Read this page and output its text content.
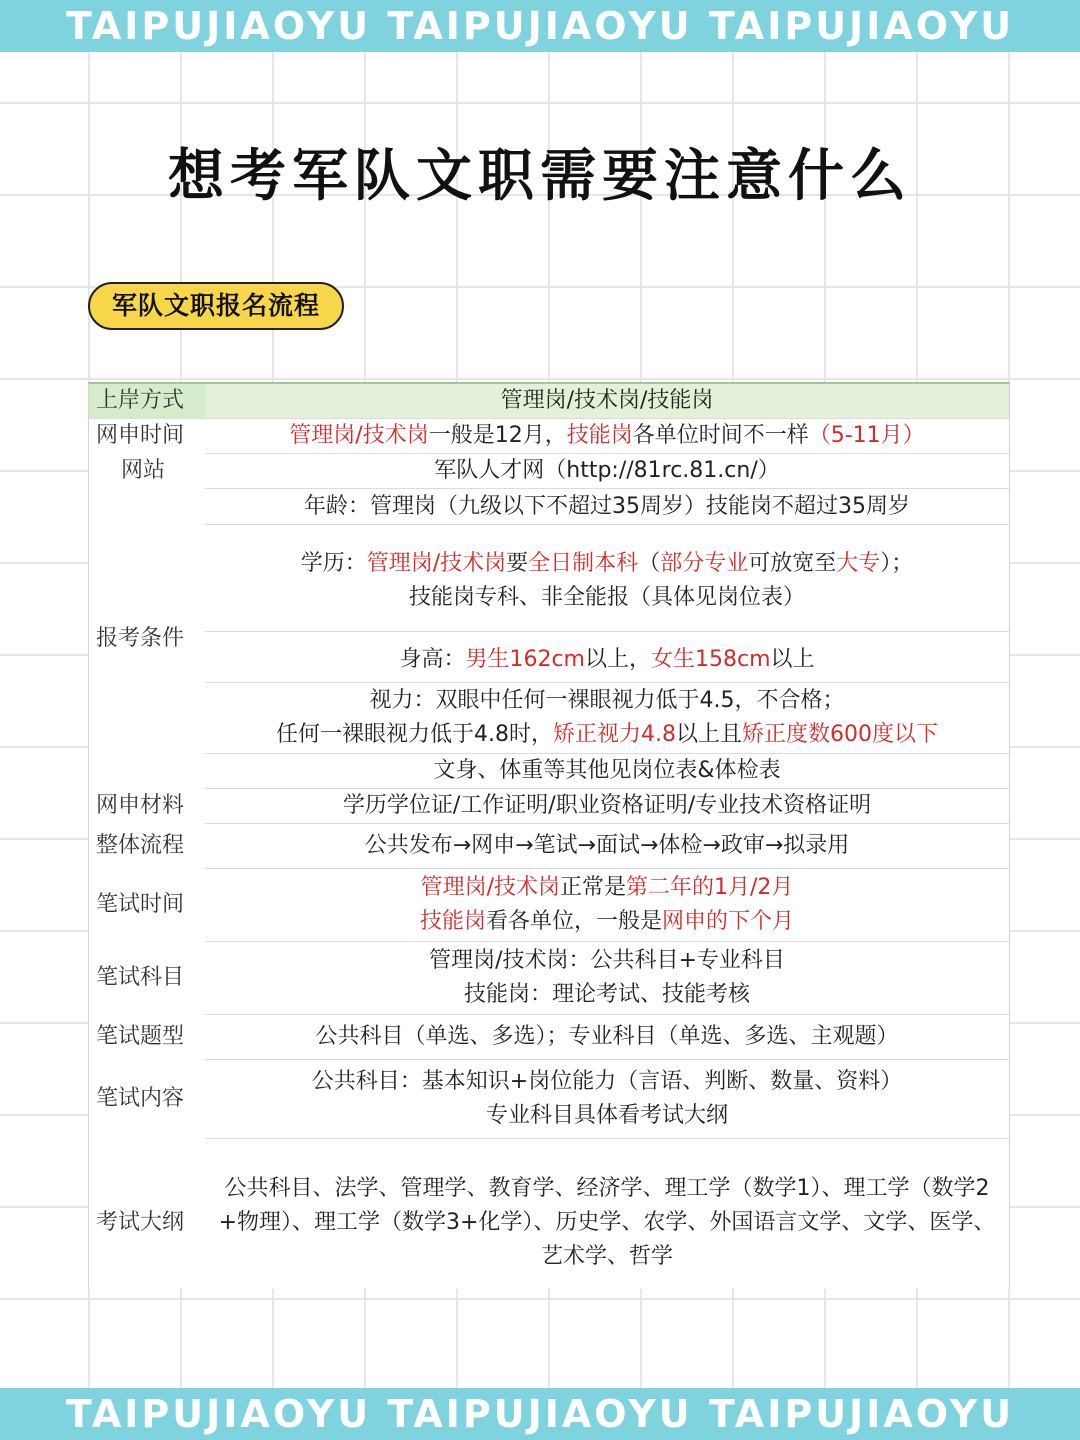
TAIPUJIAOYU TAIPUJIAOYU TAIPUJIAOYU
想考军队文职需要注意什么
军队文职报名流程
上岸方式	管理岗/技术岗/技能岗
网申时间	管理岗/技术岗一般是12月，技能岗各单位时间不一样（5-11月）
网站	军队人才网（http://81rc.81.cn/）
报考条件	年龄：管理岗（九级以下不超过35周岁）技能岗不超过35周岁

	学历：管理岗/技术岗要全日制本科（部分专业可放宽至大专）；
技能岗专科、非全能报（具体见岗位表）

	身高：男生162cm以上，女生158cm以上

	视力：双眼中任何一裸眼视力低于4.5，不合格；
任何一裸眼视力低于4.8时，矫正视力4.8以上且矫正度数600度以下

	文身、体重等其他见岗位表&体检表
网申材料	学历学位证/工作证明/职业资格证明/专业技术资格证明
整体流程	公共发布→网申→笔试→面试→体检→政审→拟录用
笔试时间	管理岗/技术岗正常是第二年的1月/2月
技能岗看各单位，一般是网申的下个月

笔试科目	管理岗/技术岗：公共科目+专业科目
技能岗：理论考试、技能考核

笔试题型	公共科目（单选、多选）；专业科目（单选、多选、主观题）
笔试内容	公共科目：基本知识+岗位能力（言语、判断、数量、资料）
专业科目具体看考试大纲

考试大纲	公共科目、法学、管理学、教育学、经济学、理工学（数学1）、理工学（数学2+物理）、理工学（数学3+化学）、历史学、农学、外国语言文学、文学、医学、艺术学、哲学
TAIPUJIAOYU TAIPUJIAOYU TAIPUJIAOYU
